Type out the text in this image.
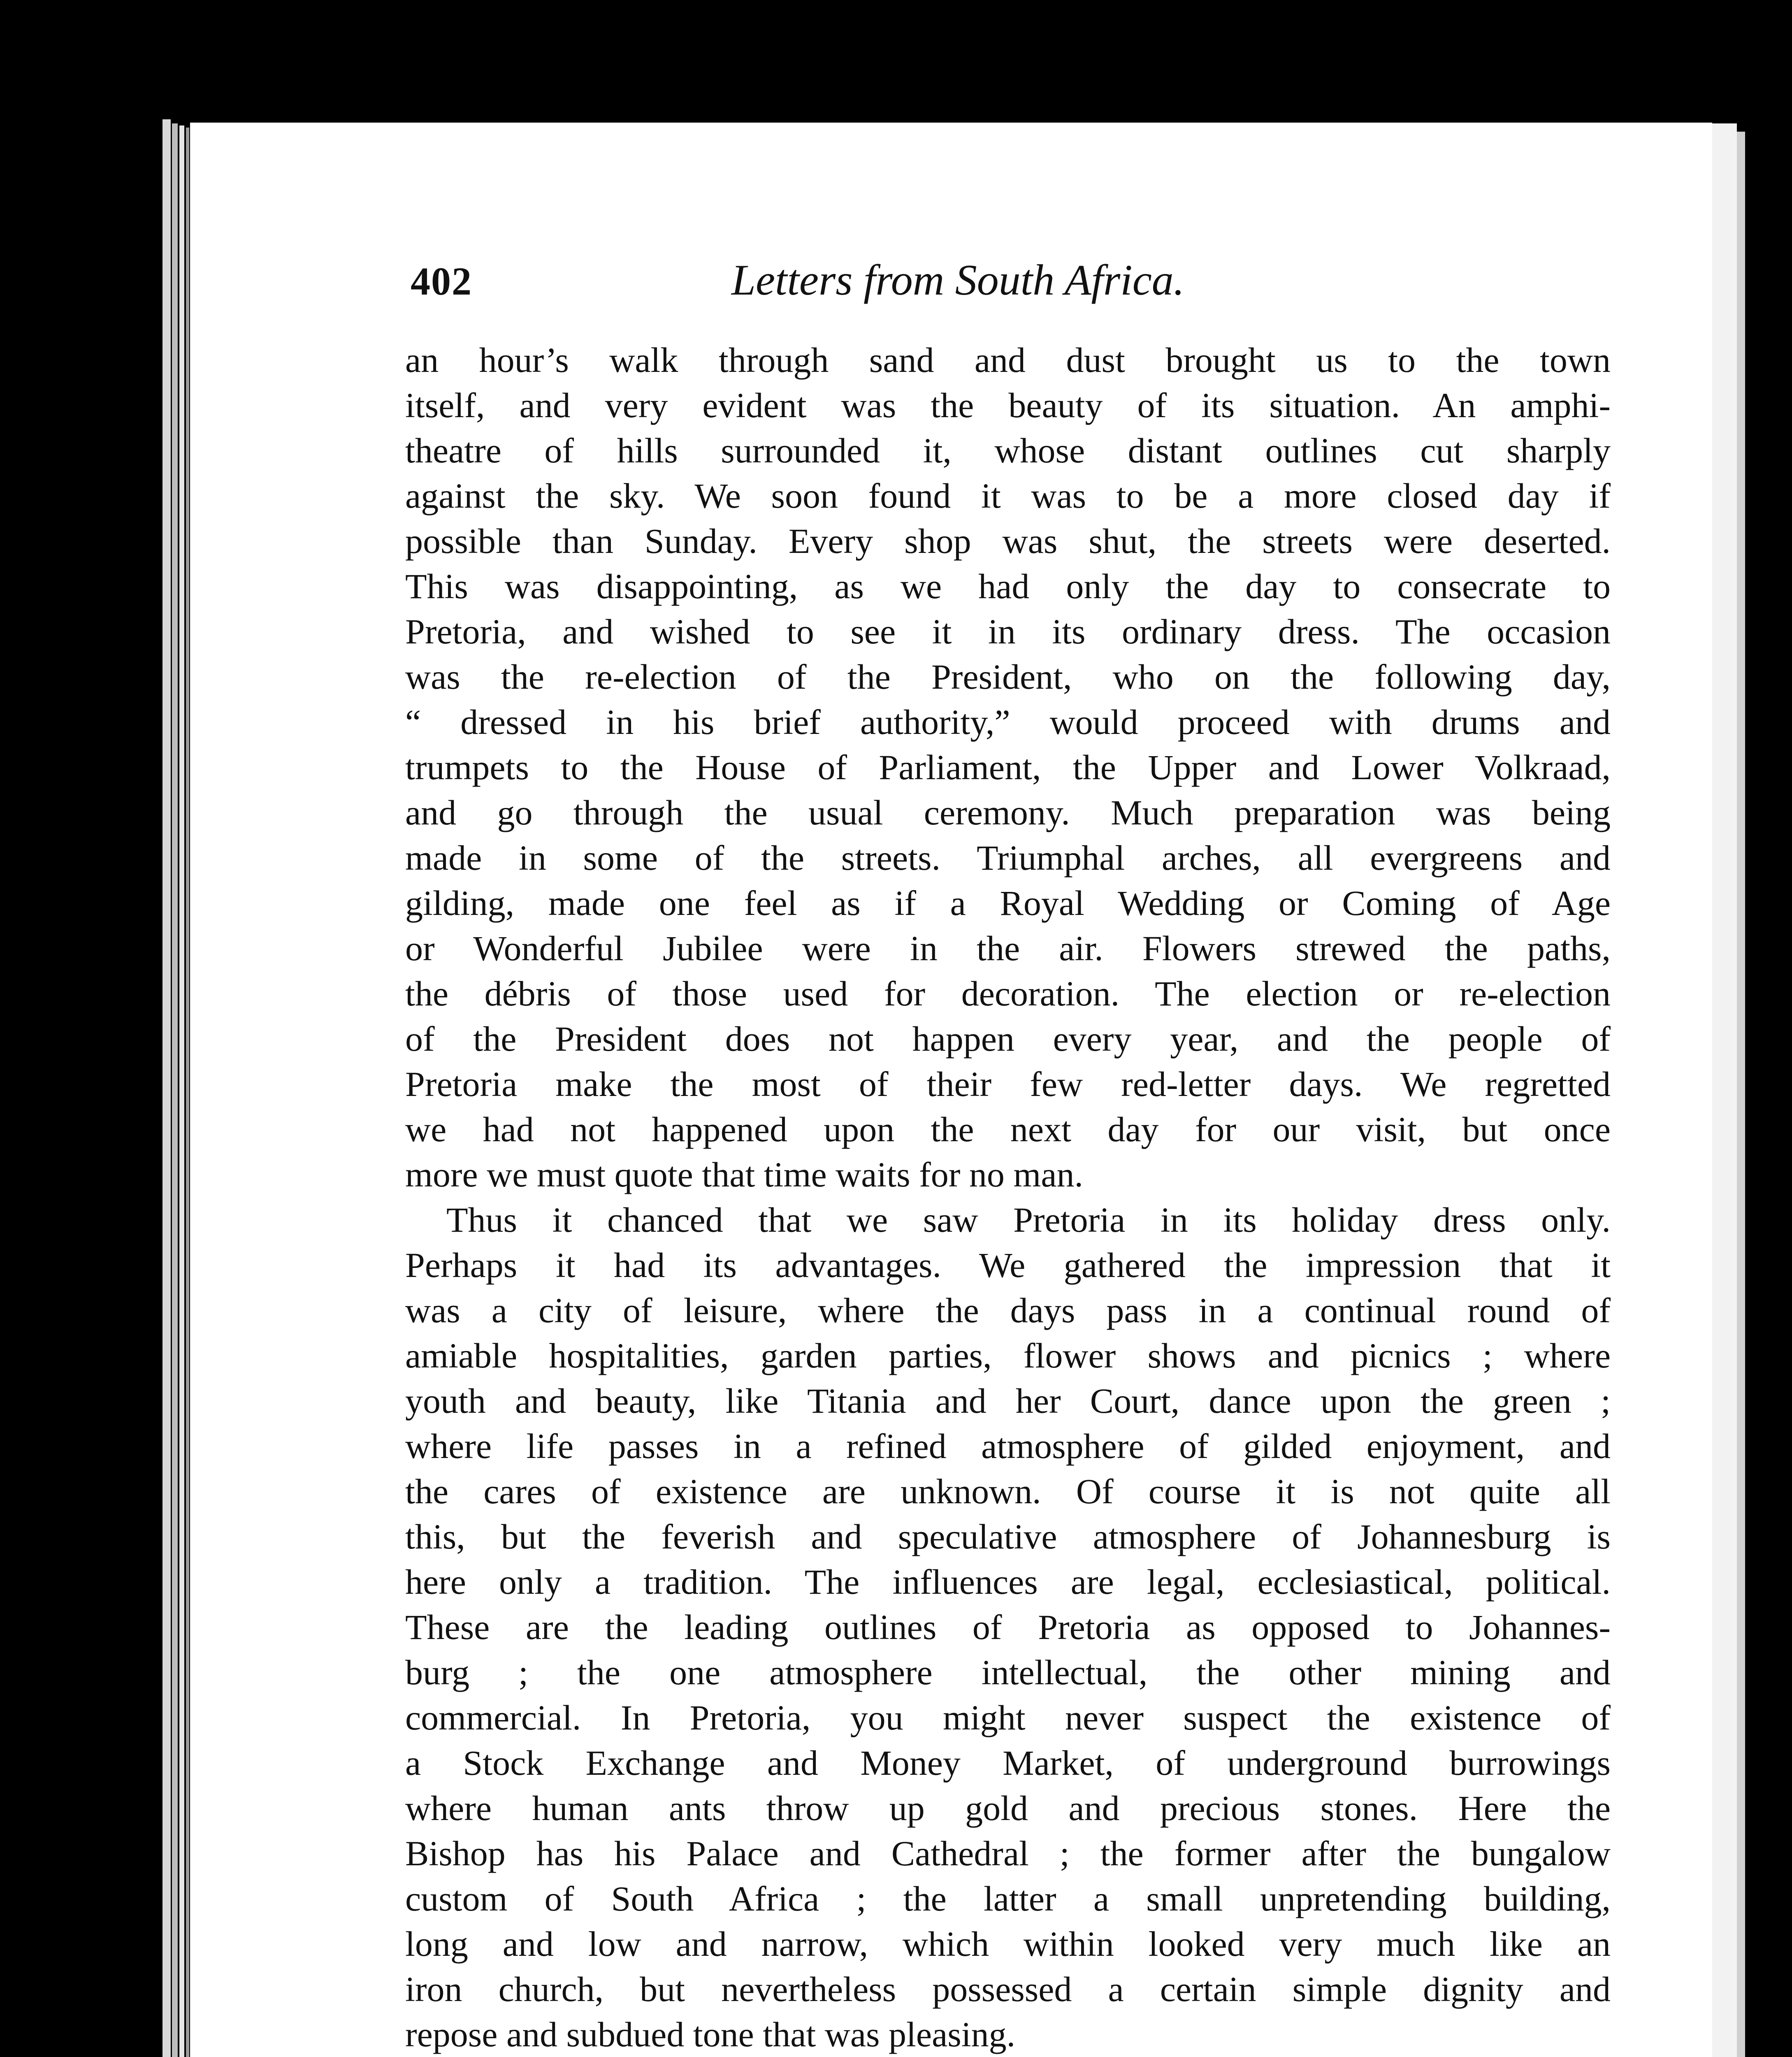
402	Letters from South Africa.
an hour’s walk through sand and dust brought us to the town
itself, and very evident was the beauty of its situation. An amphi-
theatre of hills surrounded it, whose distant outlines cut sharply
against the sky. We soon found it was to be a more closed day if
possible than Sunday. Every shop was shut, the streets were deserted.
This was disappointing, as we had only the day to consecrate to
Pretoria, and wished to see it in its ordinary dress. The occasion
was the re-election of the President, who on the following day,
“ dressed in his brief authority,” would proceed with drums and
trumpets to the House of Parliament, the Upper and Lower Volkraad,
and go through the usual ceremony. Much preparation was being
made in some of the streets. Triumphal arches, all evergreens and
gilding, made one feel as if a Royal Wedding or Coming of Age
or Wonderful Jubilee were in the air. Flowers strewed the paths,
the débris of those used for decoration. The election or re-election
of the President does not happen every year, and the people of
Pretoria make the most of their few red-letter days. We regretted
we had not happened upon the next day for our visit, but once
more we must quote that time waits for no man.
Thus it chanced that we saw Pretoria in its holiday dress only.
Perhaps it had its advantages. We gathered the impression that it
was a city of leisure, where the days pass in a continual round of
amiable hospitalities, garden parties, flower shows and picnics ; where
youth and beauty, like Titania and her Court, dance upon the green ;
where life passes in a refined atmosphere of gilded enjoyment, and
the cares of existence are unknown. Of course it is not quite all
this, but the feverish and speculative atmosphere of Johannesburg is
here only a tradition. The influences are legal, ecclesiastical, political.
These are the leading outlines of Pretoria as opposed to Johannes-
burg ; the one atmosphere intellectual, the other mining and
commercial. In Pretoria, you might never suspect the existence of
a Stock Exchange and Money Market, of underground burrowings
where human ants throw up gold and precious stones. Here the
Bishop has his Palace and Cathedral ; the former after the bungalow
custom of South Africa ; the latter a small unpretending building,
long and low and narrow, which within looked very much like an
iron church, but nevertheless possessed a certain simple dignity and
repose and subdued tone that was pleasing.
